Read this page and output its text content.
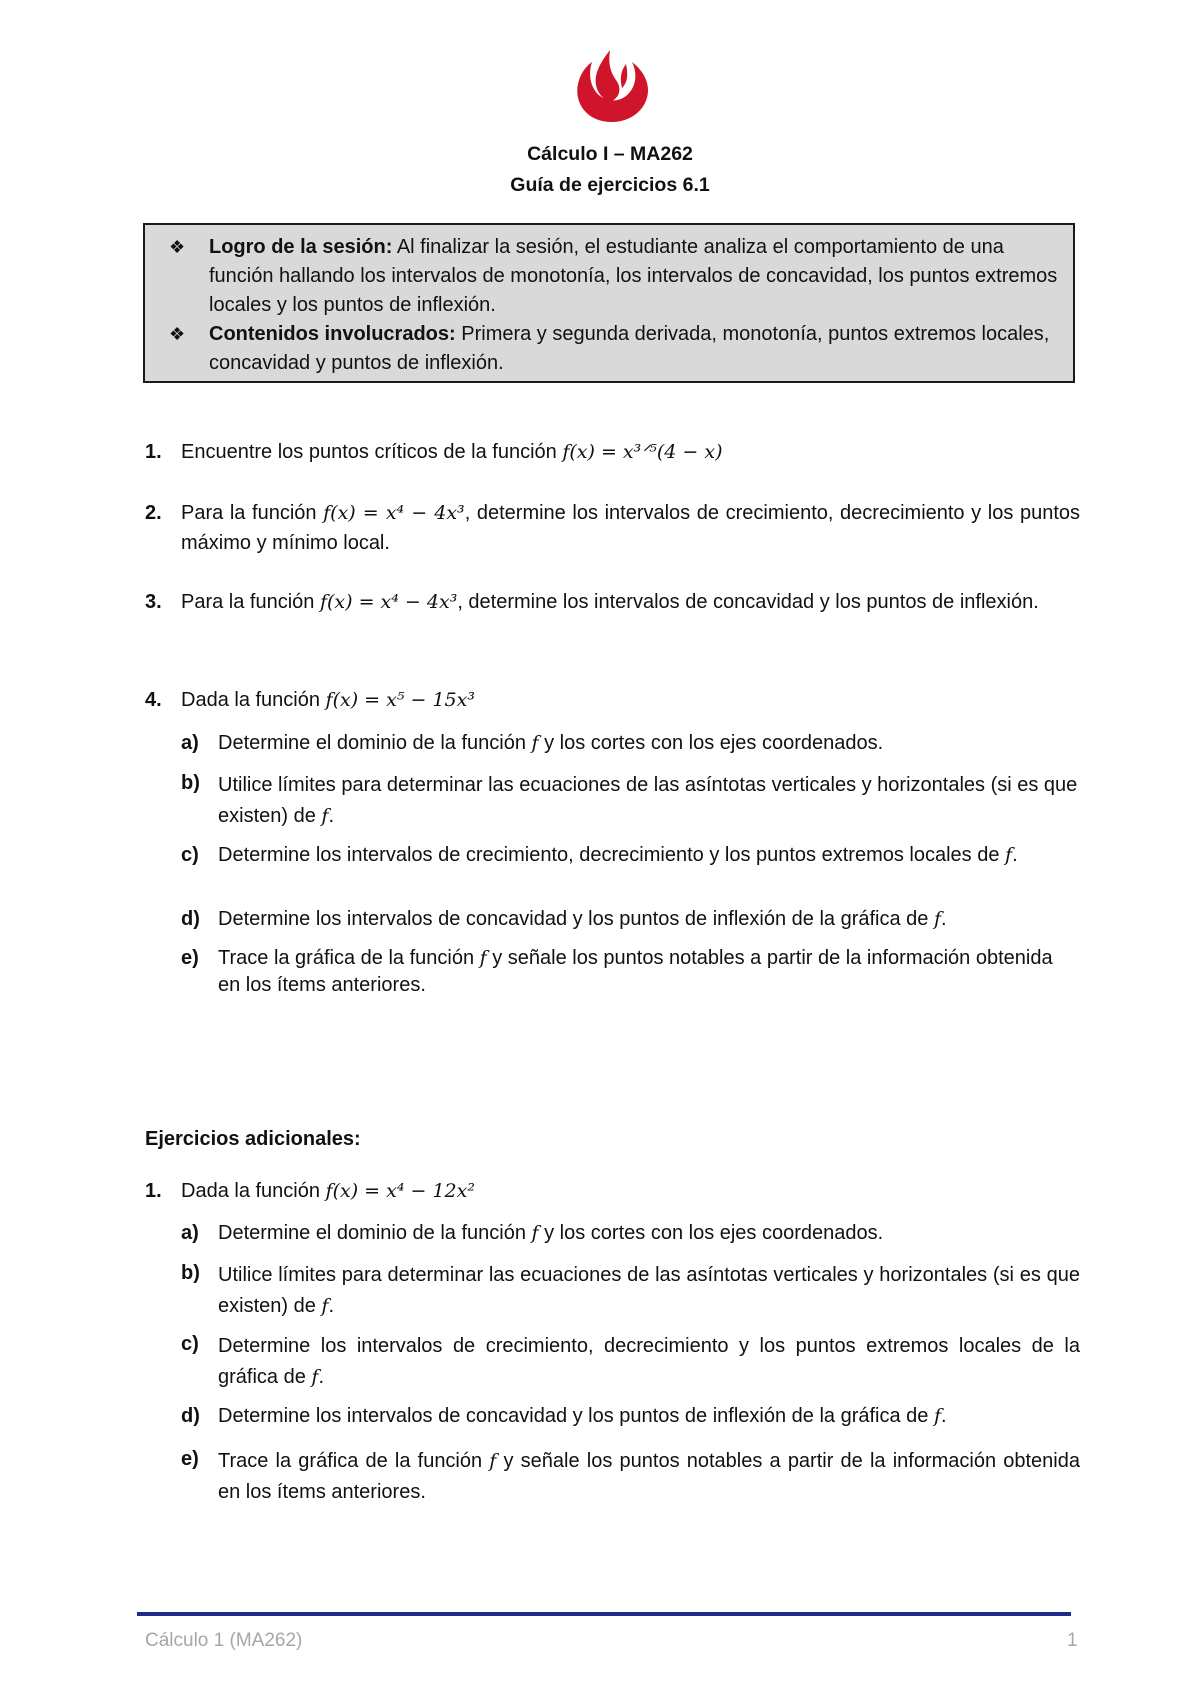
Cálculo I – MA262
Guía de ejercicios 6.1
❖ Logro de la sesión: Al finalizar la sesión, el estudiante analiza el comportamiento de una función hallando los intervalos de monotonía, los intervalos de concavidad, los puntos extremos locales y los puntos de inflexión.
❖ Contenidos involucrados: Primera y segunda derivada, monotonía, puntos extremos locales, concavidad y puntos de inflexión.
1. Encuentre los puntos críticos de la función f(x) = x³ᐟ⁵(4 − x)
2. Para la función f(x) = x⁴ − 4x³, determine los intervalos de crecimiento, decrecimiento y los puntos máximo y mínimo local.
3. Para la función f(x) = x⁴ − 4x³, determine los intervalos de concavidad y los puntos de inflexión.
4. Dada la función f(x) = x⁵ − 15x³
a) Determine el dominio de la función f y los cortes con los ejes coordenados.
b) Utilice límites para determinar las ecuaciones de las asíntotas verticales y horizontales (si es que existen) de f.
c) Determine los intervalos de crecimiento, decrecimiento y los puntos extremos locales de f.
d) Determine los intervalos de concavidad y los puntos de inflexión de la gráfica de f.
e) Trace la gráfica de la función f y señale los puntos notables a partir de la información obtenida en los ítems anteriores.
Ejercicios adicionales:
1. Dada la función f(x) = x⁴ − 12x²
a) Determine el dominio de la función f y los cortes con los ejes coordenados.
b) Utilice límites para determinar las ecuaciones de las asíntotas verticales y horizontales (si es que existen) de f.
c) Determine los intervalos de crecimiento, decrecimiento y los puntos extremos locales de la gráfica de f.
d) Determine los intervalos de concavidad y los puntos de inflexión de la gráfica de f.
e) Trace la gráfica de la función f y señale los puntos notables a partir de la información obtenida en los ítems anteriores.
Cálculo 1 (MA262)	1
